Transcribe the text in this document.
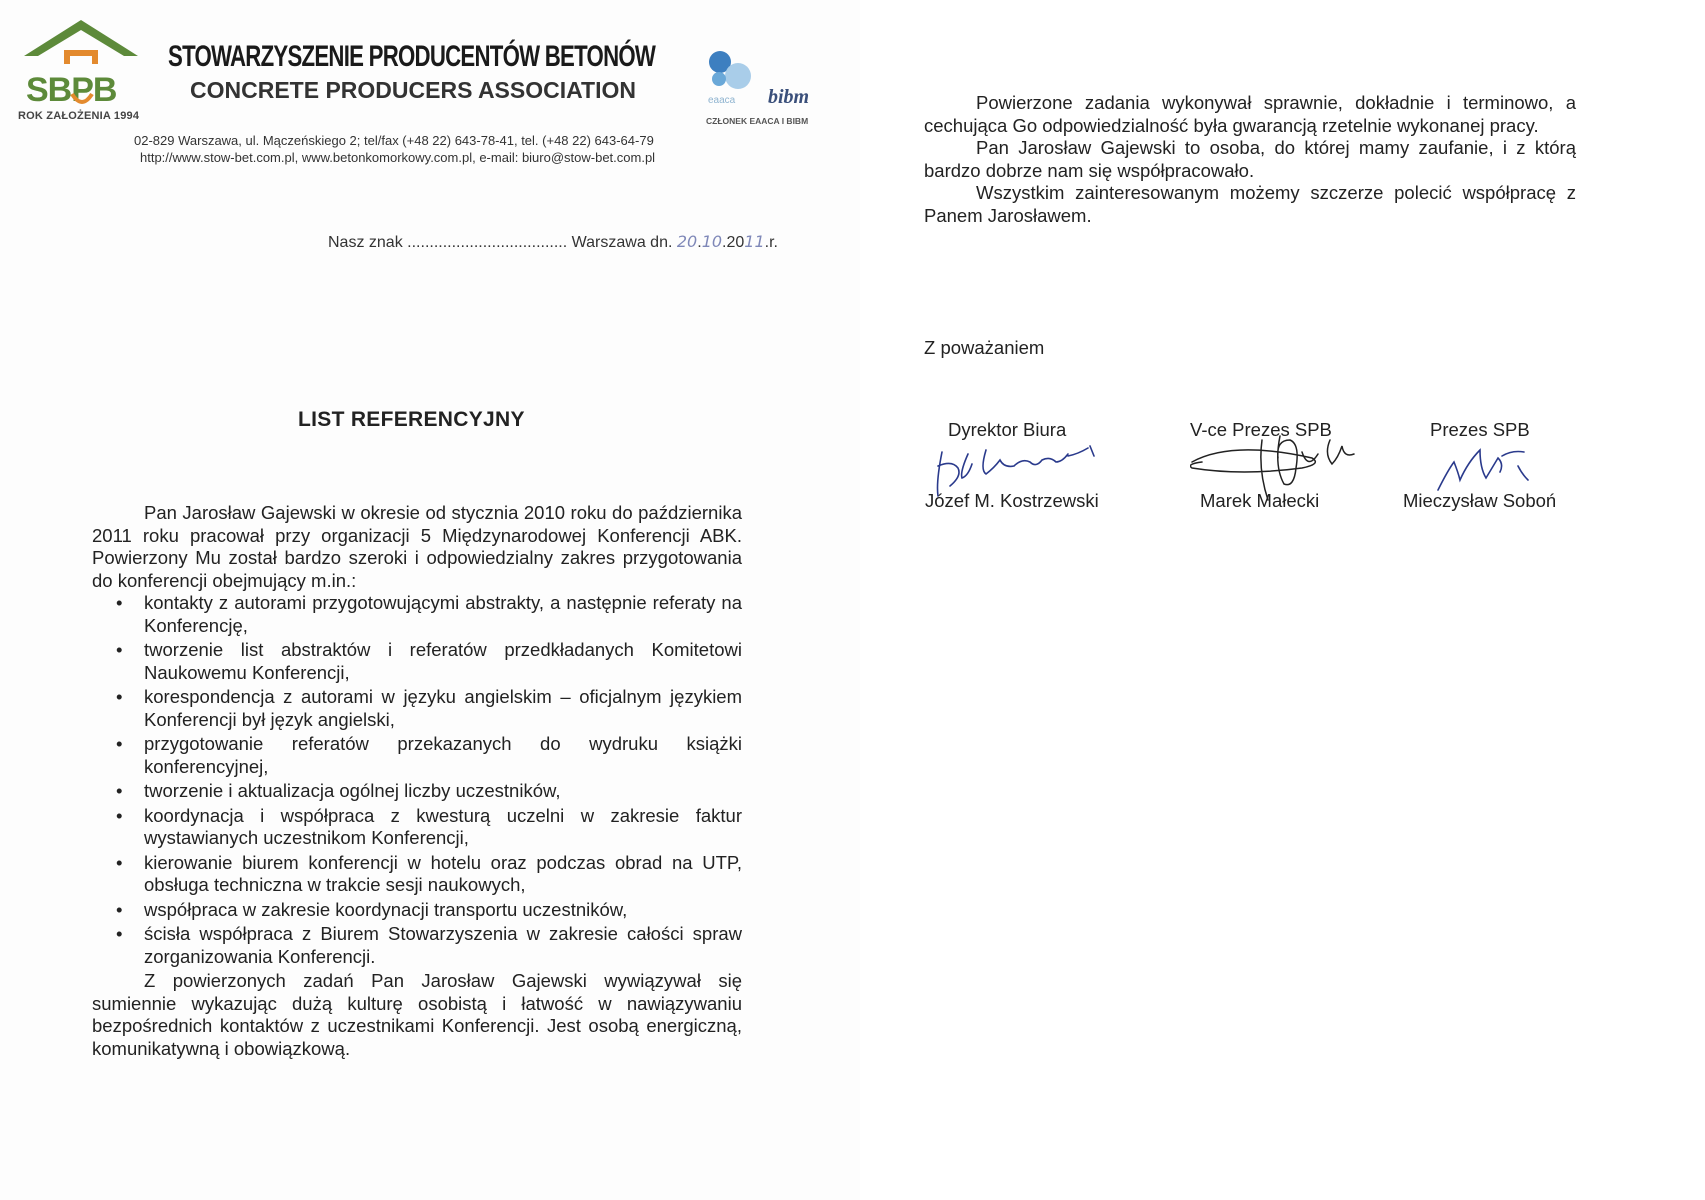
SBPB
ROK ZAŁOŻENIA 1994
STOWARZYSZENIE PRODUCENTÓW BETONÓW
CONCRETE PRODUCERS ASSOCIATION	eaaca bibm
CZŁONEK EAACA I BIBM
02-829 Warszawa, ul. Mączeńskiego 2; tel/fax (+48 22) 643-78-41, tel. (+48 22) 643-64-79
http://www.stow-bet.com.pl, www.betonkomorkowy.com.pl, e-mail: biuro@stow-bet.com.pl
Nasz znak .................................... Warszawa dn. 20.10.2011.r.
LIST REFERENCYJNY

Pan Jarosław Gajewski w okresie od stycznia 2010 roku do października 2011 roku pracował przy organizacji 5 Międzynarodowej Konferencji ABK. Powierzony Mu został bardzo szeroki i odpowiedzialny zakres przygotowania do konferencji obejmujący m.in.:

• kontakty z autorami przygotowującymi abstrakty, a następnie referaty na Konferencję,
• tworzenie list abstraktów i referatów przedkładanych Komitetowi Naukowemu Konferencji,
• korespondencja z autorami w języku angielskim – oficjalnym językiem Konferencji był język angielski,
• przygotowanie referatów przekazanych do wydruku książki konferencyjnej,
• tworzenie i aktualizacja ogólnej liczby uczestników,
• koordynacja i współpraca z kwesturą uczelni w zakresie faktur wystawianych uczestnikom Konferencji,
• kierowanie biurem konferencji w hotelu oraz podczas obrad na UTP, obsługa techniczna w trakcie sesji naukowych,
• współpraca w zakresie koordynacji transportu uczestników,
• ścisła współpraca z Biurem Stowarzyszenia w zakresie całości spraw zorganizowania Konferencji.

Z powierzonych zadań Pan Jarosław Gajewski wywiązywał się sumiennie wykazując dużą kulturę osobistą i łatwość w nawiązywaniu bezpośrednich kontaktów z uczestnikami Konferencji. Jest osobą energiczną, komunikatywną i obowiązkową.

Powierzone zadania wykonywał sprawnie, dokładnie i terminowo, a cechująca Go odpowiedzialność była gwarancją rzetelnie wykonanej pracy.

Pan Jarosław Gajewski to osoba, do której mamy zaufanie, i z którą bardzo dobrze nam się współpracowało.

Wszystkim zainteresowanym możemy szczerze polecić współpracę z Panem Jarosławem.

Z poważaniem
Dyrektor Biura
Józef M. Kostrzewski
V-ce Prezes SPB
Marek Małecki
Prezes SPB
Mieczysław Soboń
